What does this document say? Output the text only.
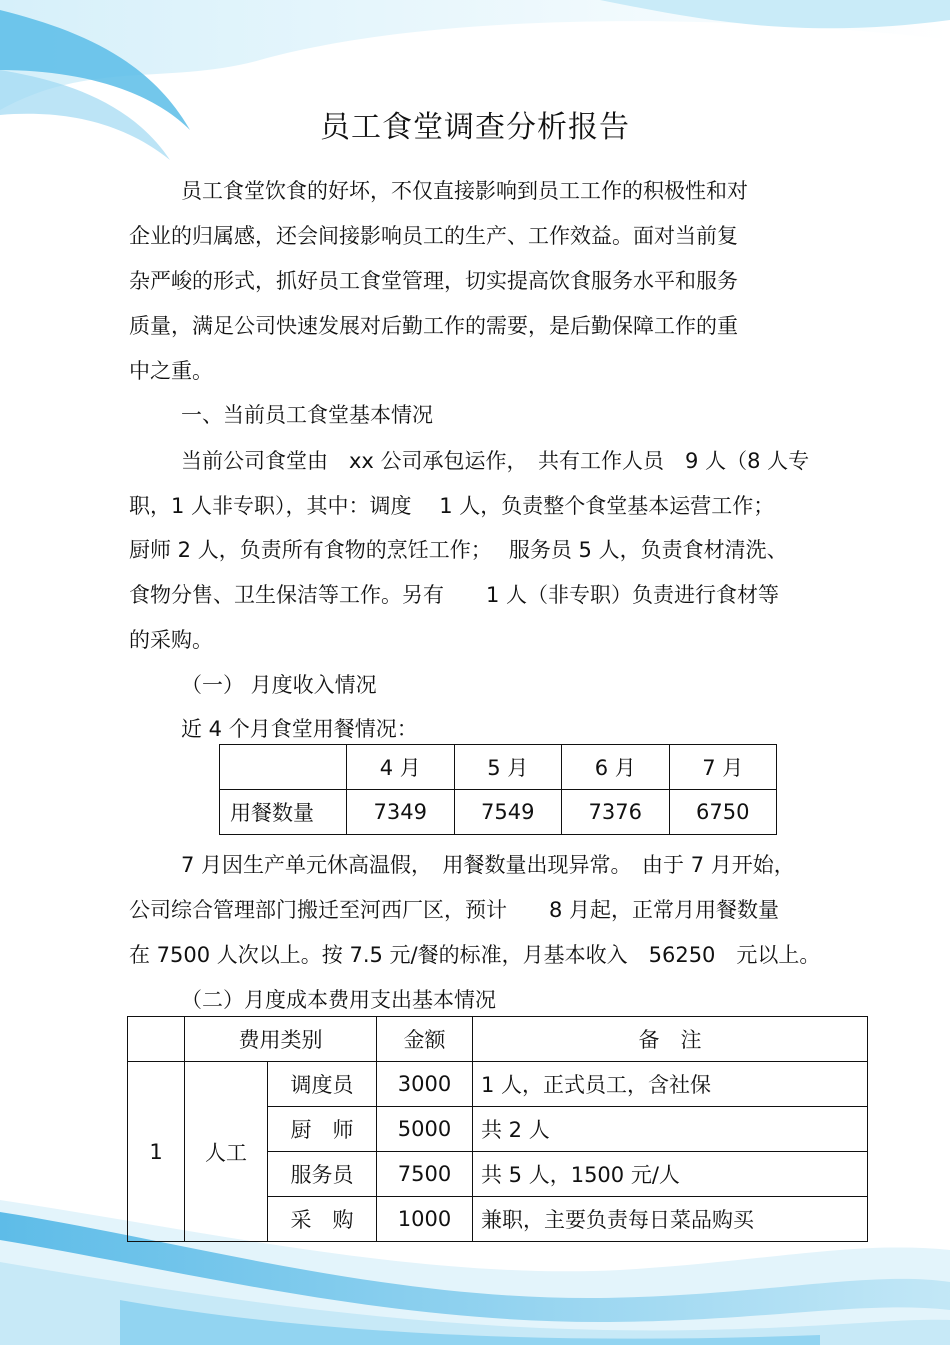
员工食堂调查分析报告
员工食堂饮食的好坏，不仅直接影响到员工工作的积极性和对
企业的归属感，还会间接影响员工的生产、工作效益。面对当前复
杂严峻的形式，抓好员工食堂管理，切实提高饮食服务水平和服务
质量，满足公司快速发展对后勤工作的需要，是后勤保障工作的重
中之重。
一、当前员工食堂基本情况
当前公司食堂由　xx 公司承包运作，　共有工作人员　9 人（8 人专
职，1 人非专职），其中：调度　 1 人，负责整个食堂基本运营工作；
厨师 2 人，负责所有食物的烹饪工作；　 服务员 5 人，负责食材清洗、
食物分售、卫生保洁等工作。另有　　1 人（非专职）负责进行食材等
的采购。
（一） 月度收入情况
近 4 个月食堂用餐情况：
	4 月	5 月	6 月	7 月
用餐数量	7349	7549	7376	6750
7 月因生产单元休高温假，　用餐数量出现异常。　由于 7 月开始，
公司综合管理部门搬迁至河西厂区，预计　　8 月起，正常月用餐数量
在 7500 人次以上。按 7.5 元/餐的标准，月基本收入　56250　元以上。
（二）月度成本费用支出基本情况
	费用类别		金额	备　注
1	人工	调度员	3000	1 人，正式员工，含社保
		厨　师	5000	共 2 人
		服务员	7500	共 5 人，1500 元/人
		采　购	1000	兼职，主要负责每日菜品购买
